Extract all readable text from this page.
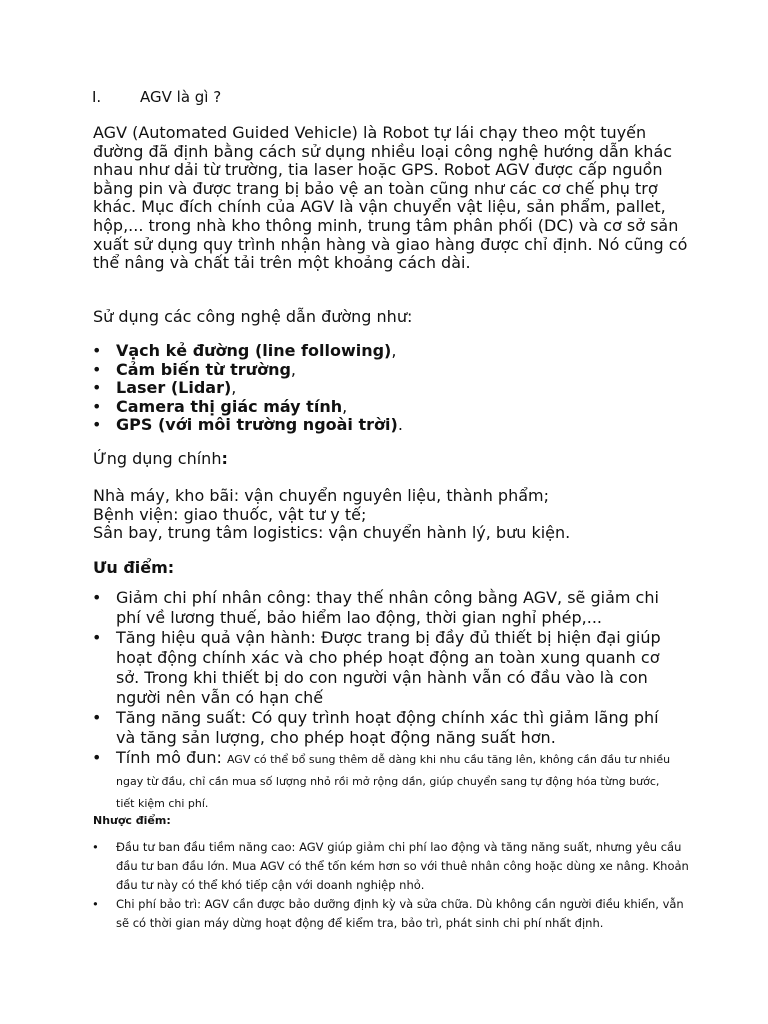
I.	AGV là gì ?

AGV (Automated Guided Vehicle) là Robot tự lái chạy theo một tuyến đường đã định bằng cách sử dụng nhiều loại công nghệ hướng dẫn khác nhau như dải từ trường, tia laser hoặc GPS. Robot AGV được cấp nguồn bằng pin và được trang bị bảo vệ an toàn cũng như các cơ chế phụ trợ khác. Mục đích chính của AGV là vận chuyển vật liệu, sản phẩm, pallet, hộp,... trong nhà kho thông minh, trung tâm phân phối (DC) và cơ sở sản xuất sử dụng quy trình nhận hàng và giao hàng được chỉ định. Nó cũng có thể nâng và chất tải trên một khoảng cách dài.

Sử dụng các công nghệ dẫn đường như:

• Vạch kẻ đường (line following),
• Cảm biến từ trường,
• Laser (Lidar),
• Camera thị giác máy tính,
• GPS (với môi trường ngoài trời).

Ứng dụng chính:

Nhà máy, kho bãi: vận chuyển nguyên liệu, thành phẩm;
Bệnh viện: giao thuốc, vật tư y tế;
Sân bay, trung tâm logistics: vận chuyển hành lý, bưu kiện.

Ưu điểm:

• Giảm chi phí nhân công: thay thế nhân công bằng AGV, sẽ giảm chi phí về lương thuế, bảo hiểm lao động, thời gian nghỉ phép,...
• Tăng hiệu quả vận hành: Được trang bị đầy đủ thiết bị hiện đại giúp hoạt động chính xác và cho phép hoạt động an toàn xung quanh cơ sở. Trong khi thiết bị do con người vận hành vẫn có đầu vào là con người nên vẫn có hạn chế
• Tăng năng suất: Có quy trình hoạt động chính xác thì giảm lãng phí và tăng sản lượng, cho phép hoạt động năng suất hơn.
• Tính mô đun: AGV có thể bổ sung thêm dễ dàng khi nhu cầu tăng lên, không cần đầu tư nhiều ngay từ đầu, chỉ cần mua số lượng nhỏ rồi mở rộng dần, giúp chuyển sang tự động hóa từng bước, tiết kiệm chi phí.

Nhược điểm:

• Đầu tư ban đầu tiềm năng cao: AGV giúp giảm chi phí lao động và tăng năng suất, nhưng yêu cầu đầu tư ban đầu lớn. Mua AGV có thể tốn kém hơn so với thuê nhân công hoặc dùng xe nâng. Khoản đầu tư này có thể khó tiếp cận với doanh nghiệp nhỏ.
• Chi phí bảo trì: AGV cần được bảo dưỡng định kỳ và sửa chữa. Dù không cần người điều khiển, vẫn sẽ có thời gian máy dừng hoạt động để kiểm tra, bảo trì, phát sinh chi phí nhất định.
